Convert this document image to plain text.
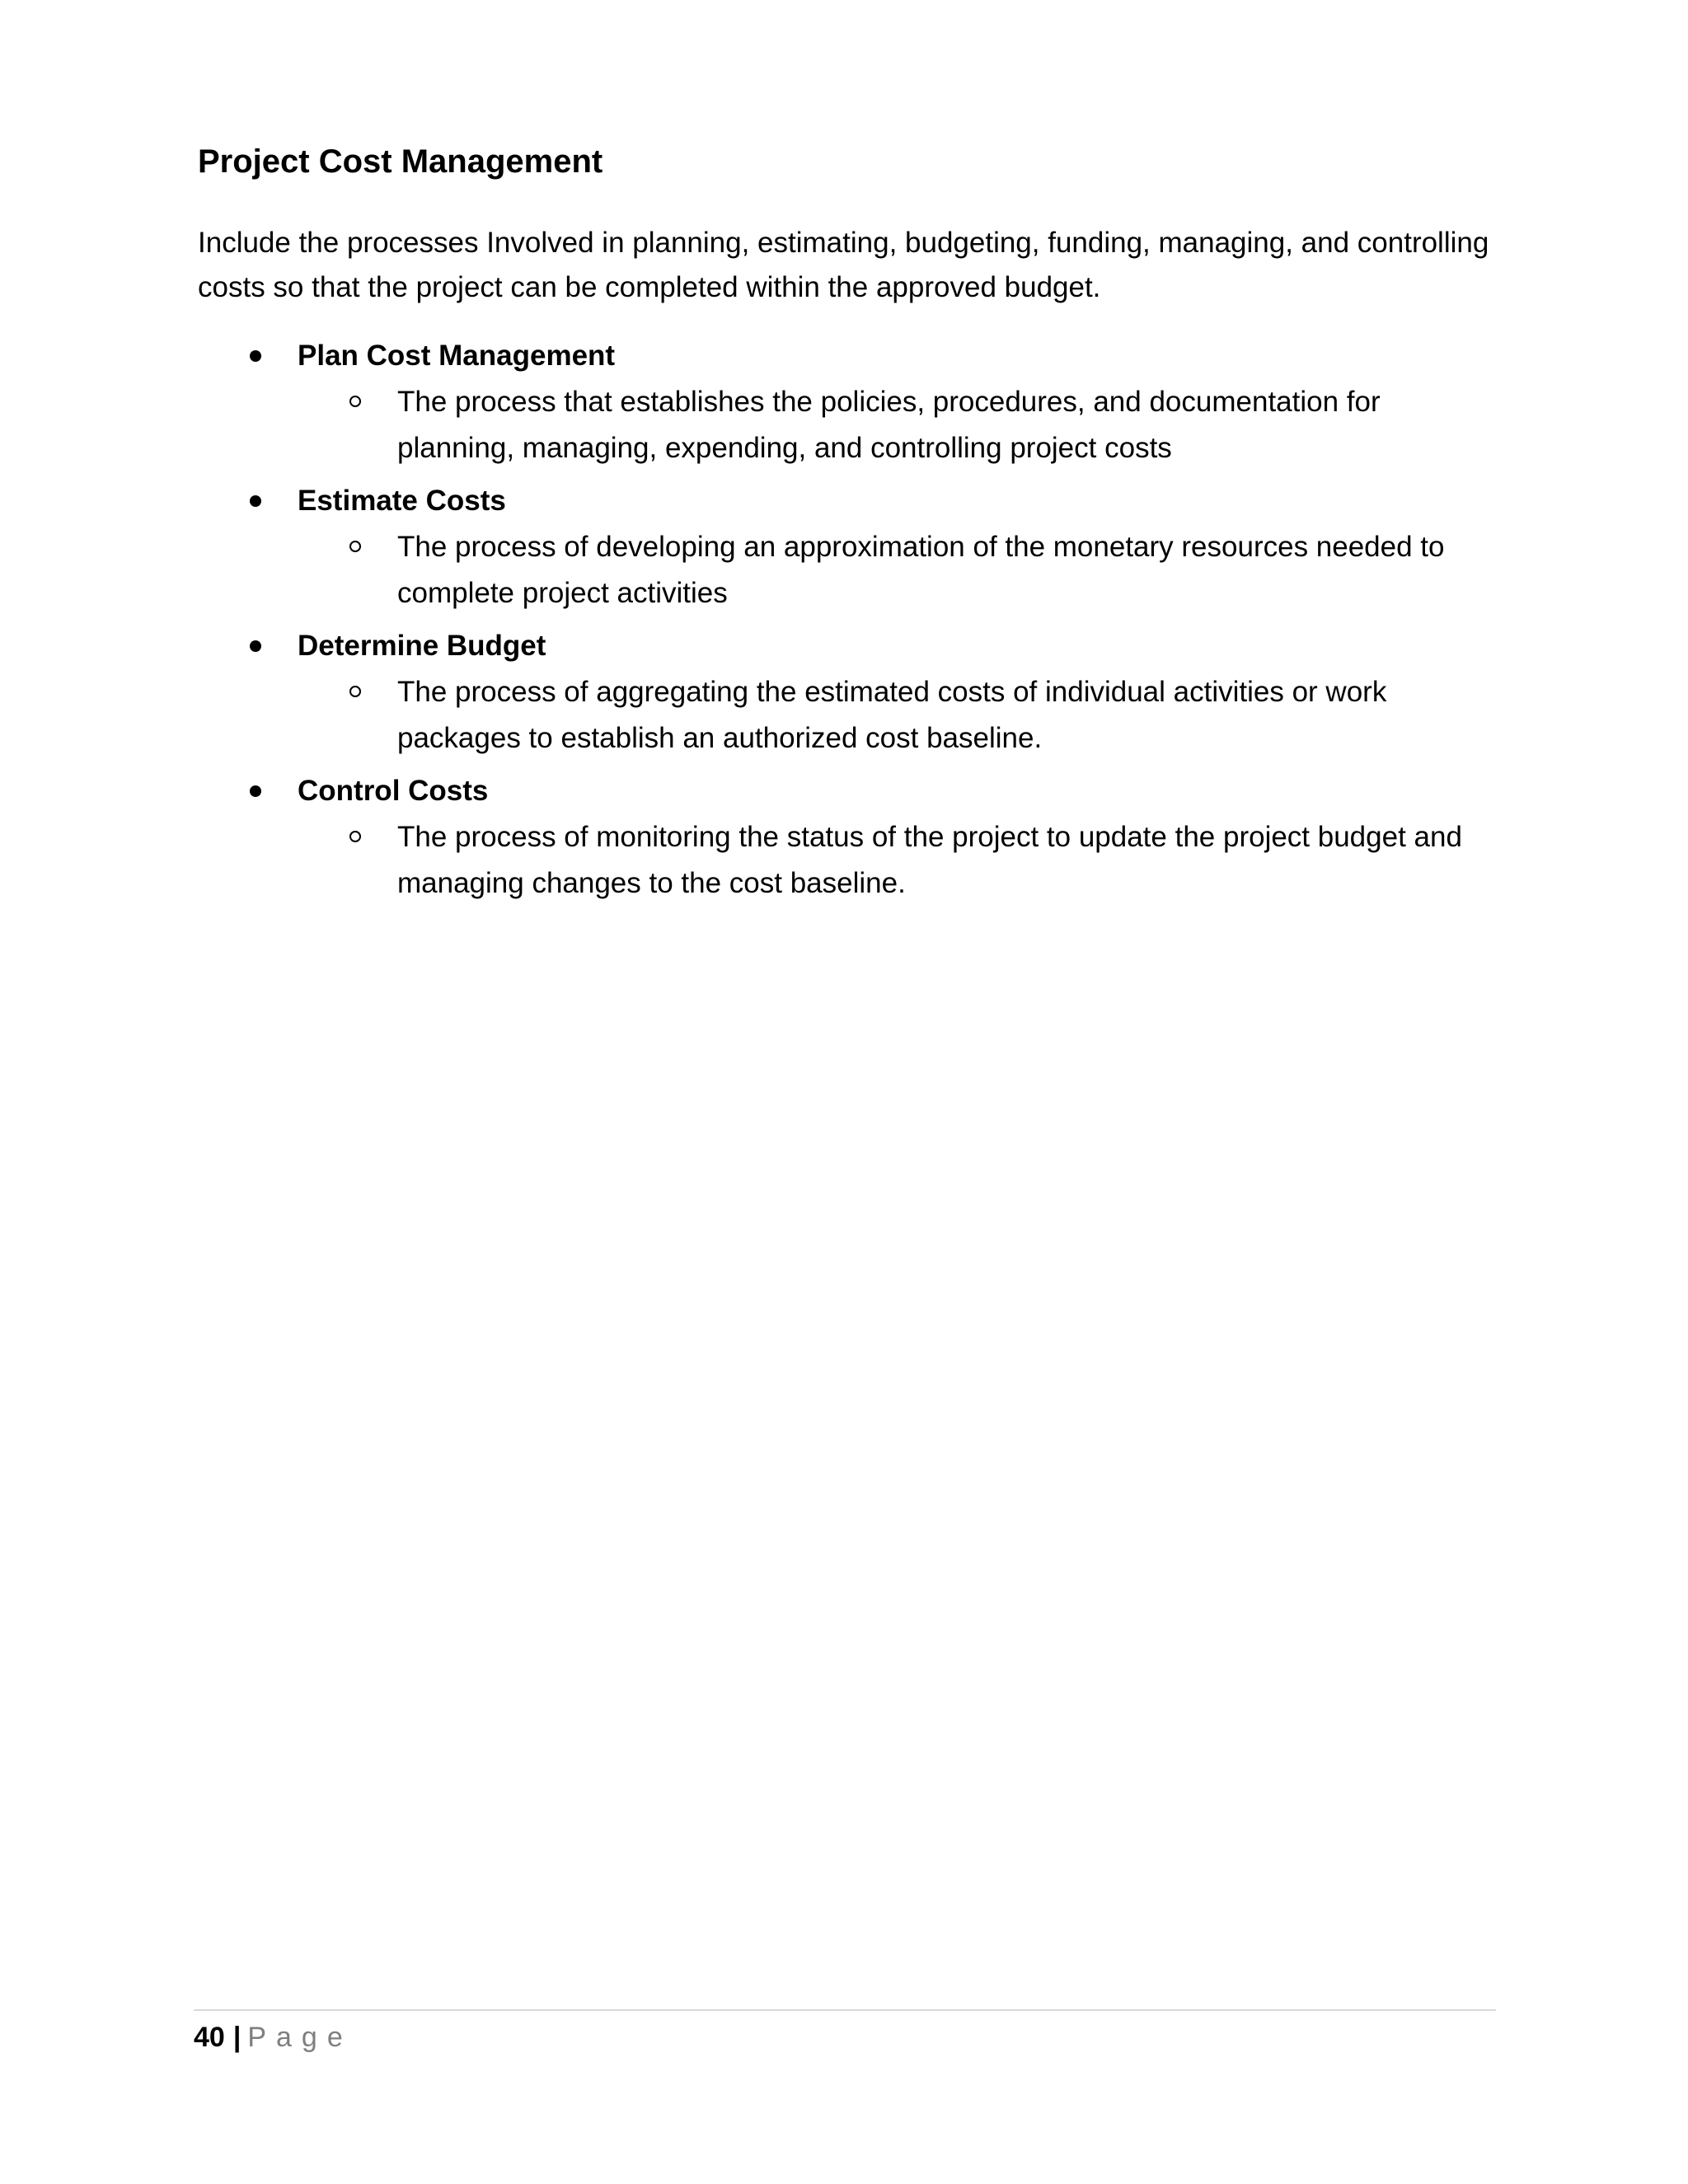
Project Cost Management

Include the processes Involved in planning, estimating, budgeting, funding, managing, and controlling costs so that the project can be completed within the approved budget.

Plan Cost Management
The process that establishes the policies, procedures, and documentation for planning, managing, expending, and controlling project costs
Estimate Costs
The process of developing an approximation of the monetary resources needed to complete project activities
Determine Budget
The process of aggregating the estimated costs of individual activities or work packages to establish an authorized cost baseline.
Control Costs
The process of monitoring the status of the project to update the project budget and managing changes to the cost baseline.
40 | Page
